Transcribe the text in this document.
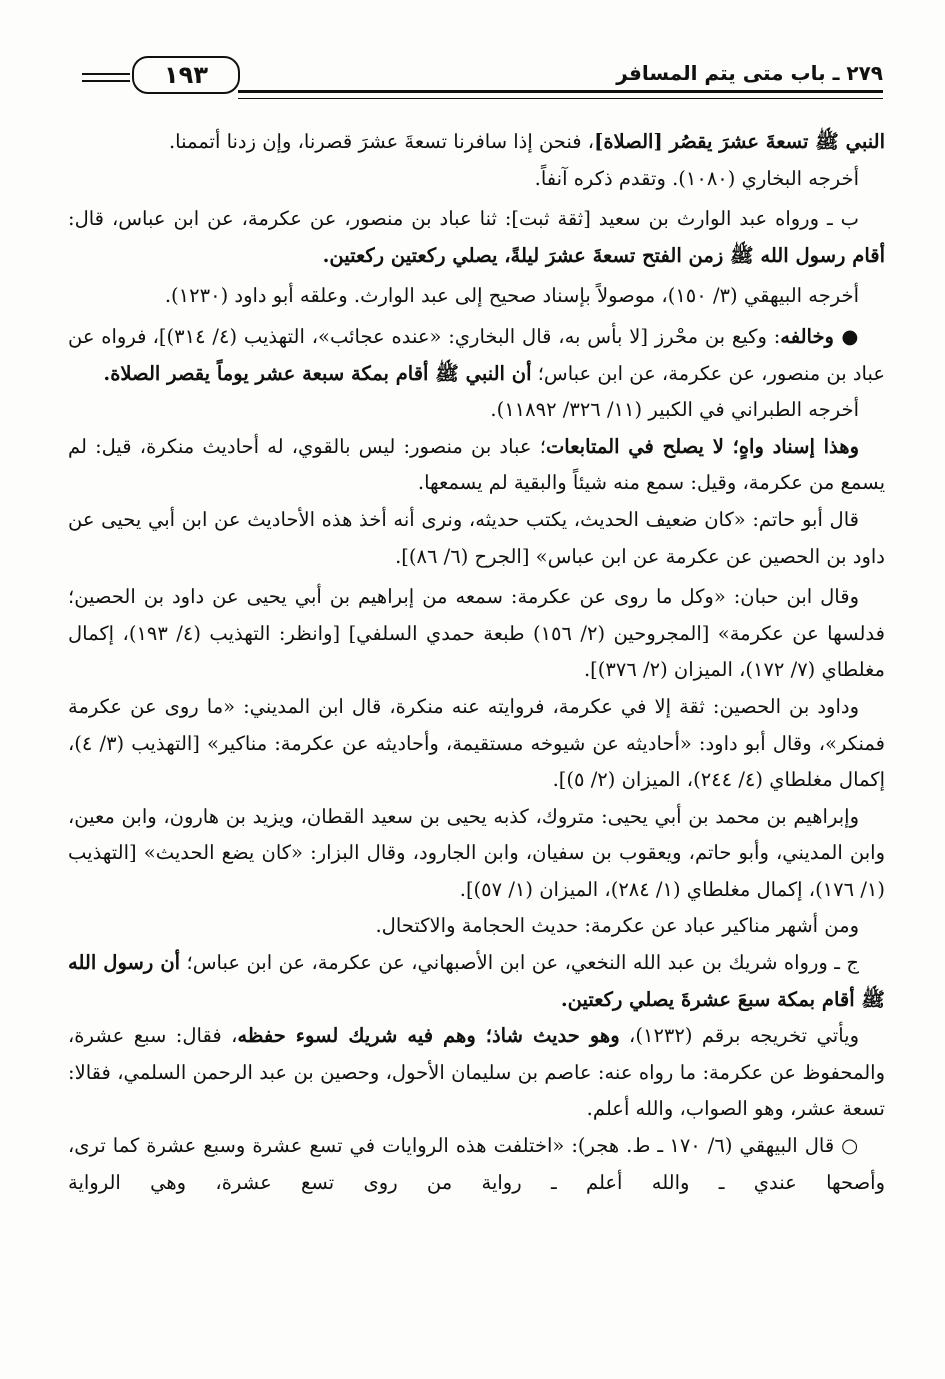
٢٧٩ ـ باب متى يتم المسافر
١٩٣

النبي ﷺ تسعةَ عشرَ يقصُر [الصلاة]، فنحن إذا سافرنا تسعةَ عشرَ قصرنا، وإن زدنا أتممنا.

أخرجه البخاري (١٠٨٠). وتقدم ذكره آنفاً.

ب ـ ورواه عبد الوارث بن سعيد [ثقة ثبت]: ثنا عباد بن منصور، عن عكرمة، عن ابن عباس، قال: أقام رسول الله ﷺ زمن الفتح تسعةَ عشرَ ليلةً، يصلي ركعتين ركعتين.

أخرجه البيهقي (٣/ ١٥٠)، موصولاً بإسناد صحيح إلى عبد الوارث. وعلقه أبو داود (١٢٣٠).

● وخالفه: وكيع بن محْرز [لا بأس به، قال البخاري: «عنده عجائب»، التهذيب (٤/ ٣١٤)]، فرواه عن عباد بن منصور، عن عكرمة، عن ابن عباس؛ أن النبي ﷺ أقام بمكة سبعة عشر يوماً يقصر الصلاة.

أخرجه الطبراني في الكبير (١١/ ٣٢٦/ ١١٨٩٢).

وهذا إسناد واهٍ؛ لا يصلح في المتابعات؛ عباد بن منصور: ليس بالقوي، له أحاديث منكرة، قيل: لم يسمع من عكرمة، وقيل: سمع منه شيئاً والبقية لم يسمعها.

قال أبو حاتم: «كان ضعيف الحديث، يكتب حديثه، ونرى أنه أخذ هذه الأحاديث عن ابن أبي يحيى عن داود بن الحصين عن عكرمة عن ابن عباس» [الجرح (٦/ ٨٦)].

وقال ابن حبان: «وكل ما روى عن عكرمة: سمعه من إبراهيم بن أبي يحيى عن داود بن الحصين؛ فدلسها عن عكرمة» [المجروحين (٢/ ١٥٦) طبعة حمدي السلفي] [وانظر: التهذيب (٤/ ١٩٣)، إكمال مغلطاي (٧/ ١٧٢)، الميزان (٢/ ٣٧٦)].

وداود بن الحصين: ثقة إلا في عكرمة، فروايته عنه منكرة، قال ابن المديني: «ما روى عن عكرمة فمنكر»، وقال أبو داود: «أحاديثه عن شيوخه مستقيمة، وأحاديثه عن عكرمة: مناكير» [التهذيب (٣/ ٤)، إكمال مغلطاي (٤/ ٢٤٤)، الميزان (٢/ ٥)].

وإبراهيم بن محمد بن أبي يحيى: متروك، كذبه يحيى بن سعيد القطان، ويزيد بن هارون، وابن معين، وابن المديني، وأبو حاتم، ويعقوب بن سفيان، وابن الجارود، وقال البزار: «كان يضع الحديث» [التهذيب (١/ ١٧٦)، إكمال مغلطاي (١/ ٢٨٤)، الميزان (١/ ٥٧)].

ومن أشهر مناكير عباد عن عكرمة: حديث الحجامة والاكتحال.

ج ـ ورواه شريك بن عبد الله النخعي، عن ابن الأصبهاني، عن عكرمة، عن ابن عباس؛ أن رسول الله ﷺ أقام بمكة سبعَ عشرةَ يصلي ركعتين.

ويأتي تخريجه برقم (١٢٣٢)، وهو حديث شاذ؛ وهم فيه شريك لسوء حفظه، فقال: سبع عشرة، والمحفوظ عن عكرمة: ما رواه عنه: عاصم بن سليمان الأحول، وحصين بن عبد الرحمن السلمي، فقالا: تسعة عشر، وهو الصواب، والله أعلم.

○ قال البيهقي (٦/ ١٧٠ ـ ط. هجر): «اختلفت هذه الروايات في تسع عشرة وسبع عشرة كما ترى، وأصحها عندي ـ والله أعلم ـ رواية من روى تسع عشرة، وهي الرواية
